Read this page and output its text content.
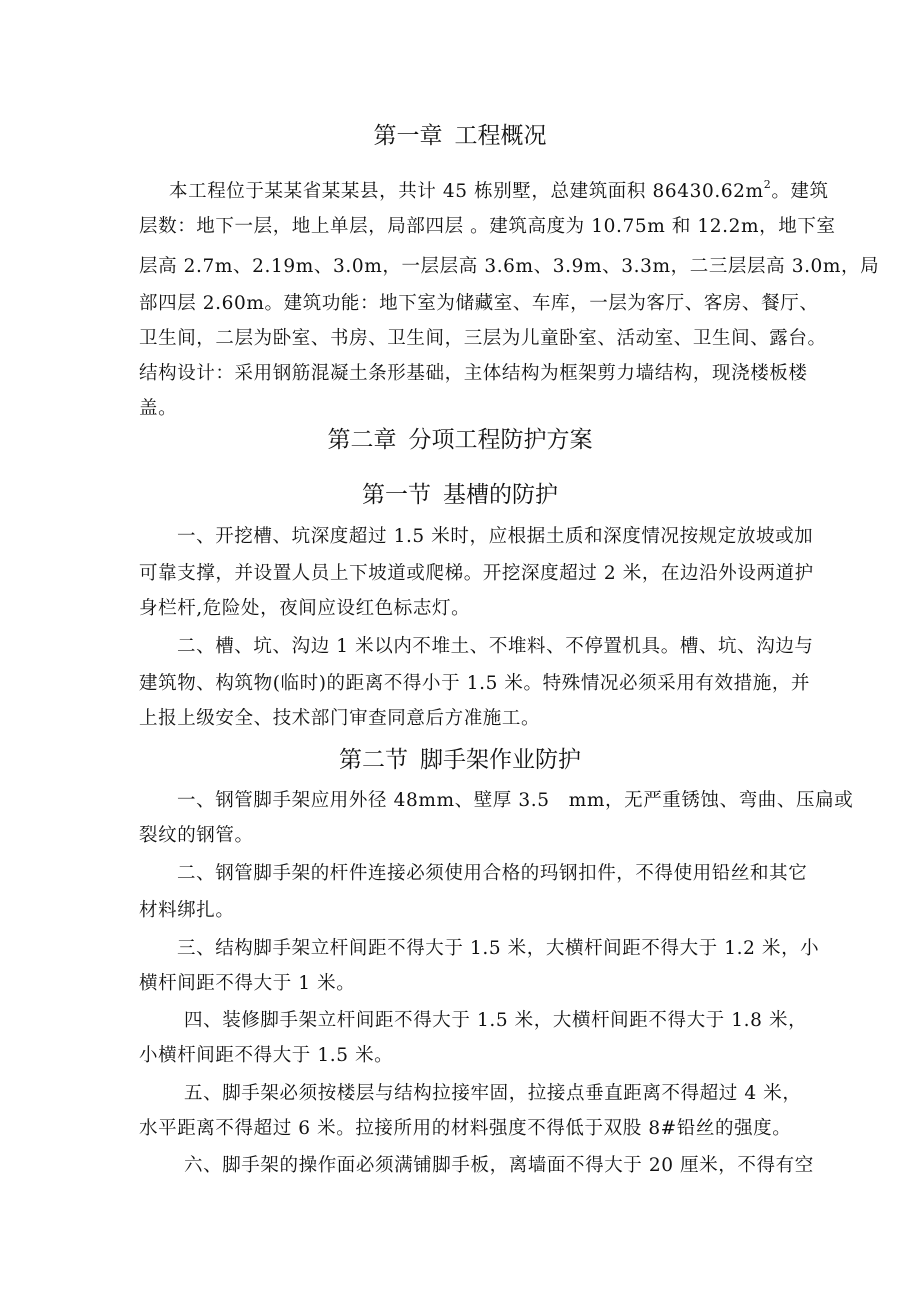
第一章 工程概况
本工程位于某某省某某县，共计 45 栋别墅，总建筑面积 $86430.62m^2$。建筑
层数：地下一层，地上单层，局部四层 。建筑高度为 10.75m 和 12.2m，地下室
层高 2.7m、2.19m、3.0m，一层层高 3.6m、3.9m、3.3m，二三层层高 3.0m，局
部四层 2.60m。建筑功能：地下室为储藏室、车库，一层为客厅、客房、餐厅、
卫生间，二层为卧室、书房、卫生间，三层为儿童卧室、活动室、卫生间、露台。
结构设计：采用钢筋混凝土条形基础，主体结构为框架剪力墙结构，现浇楼板楼
盖。
第二章 分项工程防护方案
第一节 基槽的防护
一、开挖槽、坑深度超过 1.5 米时，应根据土质和深度情况按规定放坡或加
可靠支撑，并设置人员上下坡道或爬梯。开挖深度超过 2 米，在边沿外设两道护
身栏杆,危险处，夜间应设红色标志灯。
二、槽、坑、沟边 1 米以内不堆土、不堆料、不停置机具。槽、坑、沟边与
建筑物、构筑物(临时)的距离不得小于 1.5 米。特殊情况必须采用有效措施，并
上报上级安全、技术部门审查同意后方准施工。
第二节 脚手架作业防护
一、钢管脚手架应用外径 48mm、壁厚 3.5　mm，无严重锈蚀、弯曲、压扁或
裂纹的钢管。
二、钢管脚手架的杆件连接必须使用合格的玛钢扣件，不得使用铅丝和其它
材料绑扎。
三、结构脚手架立杆间距不得大于 1.5 米，大横杆间距不得大于 1.2 米，小
横杆间距不得大于 1 米。
四、装修脚手架立杆间距不得大于 1.5 米，大横杆间距不得大于 1.8 米，
小横杆间距不得大于 1.5 米。
五、脚手架必须按楼层与结构拉接牢固，拉接点垂直距离不得超过 4 米，
水平距离不得超过 6 米。拉接所用的材料强度不得低于双股 8#铅丝的强度。
六、脚手架的操作面必须满铺脚手板，离墙面不得大于 20 厘米，不得有空
